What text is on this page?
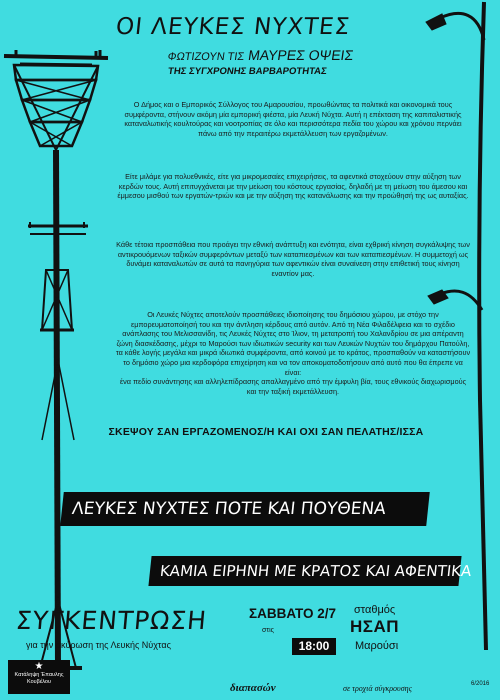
ΟΙ ΛΕΥΚΕΣ ΝΥΧΤΕΣ
ΦΩΤΙΖΟΥΝ ΤΙΣ ΜΑΥΡΕΣ ΟΨΕΙΣ
ΤΗΣ ΣΥΓΧΡΟΝΗΣ ΒΑΡΒΑΡΟΤΗΤΑΣ
Ο Δήμος και ο Εμπορικός Σύλλογος του Αμαρουσίου, προωθώντας τα πολιτικά και οικονομικά τους συμφέροντα, στήνουν ακόμη μία εμπορική φιέστα, μία Λευκή Νύχτα. Αυτή η επέκταση της καπιταλιστικής καταναλωτικής κουλτούρας και νοοτροπίας σε όλο και περισσότερα πεδία του χώρου και χρόνου περνάει πάνω από την περαιτέρω εκμετάλλευση των εργαζομένων.
Είτε μιλάμε για πολυεθνικές, είτε για μικρομεσαίες επιχειρήσεις, τα αφεντικά στοχεύουν στην αύξηση των κερδών τους. Αυτή επιτυγχάνεται με την μείωση του κόστους εργασίας, δηλαδή με τη μείωση του άμεσου και έμμεσου μισθού των εργατών-τριών και με την αύξηση της κατανάλωσης και την προώθησή της ως αυταξίας.
Κάθε τέτοια προσπάθεια που προάγει την εθνική ανάπτυξη και ενότητα, είναι εχθρική κίνηση συγκάλυψης των αντικρουόμενων ταξικών συμφερόντων μεταξύ των καταπιεσμένων και των καταπιεσμένων. Η συμμετοχή ως δυνάμει καταναλωτών σε αυτά τα πανηγύρια των αφεντικών είναι συναίνεση στην επιθετική τους κίνηση εναντίον μας.
Οι Λευκές Νύχτες αποτελούν προσπάθειες ιδιοποίησης του δημόσιου χώρου, με στόχο την εμπορευματοποίησή του και την άντληση κέρδους από αυτόν. Από τη Νέα Φιλαδέλφεια και το σχέδιο ανάπλασης του Μελισσανίδη, τις Λευκές Νύχτες στο Ίλιον, τη μετατροπή του Χαλανδρίου σε μια απέραντη ζώνη διασκέδασης, μέχρι το Μαρούσι των ιδιωτικών security και των Λευκών Νυχτών του δημάρχου Πατούλη, τα κάθε λογής μεγάλα και μικρά ιδιωτικά συμφέροντα, από κοινού με το κράτος, προσπαθούν να καταστήσουν το δημόσιο χώρο μια κερδοφόρα επιχείρηση και να τον αποκοματοδοτήσουν από αυτό που θα έπρεπε να είναι:
ένα πεδίο συνάντησης και αλληλεπίδρασης απαλλαγμένο από την έμφυλη βία, τους εθνικούς διαχωρισμούς και την ταξική εκμετάλλευση.
ΣΚΕΨΟΥ ΣΑΝ ΕΡΓΑΖΟΜΕΝΟΣ/Η ΚΑΙ ΟΧΙ ΣΑΝ ΠΕΛΑΤΗΣ/ΙΣΣΑ
ΛΕΥΚΕΣ ΝΥΧΤΕΣ ΠΟΤΕ ΚΑΙ ΠΟΥΘΕΝΑ
ΚΑΜΙΑ ΕΙΡΗΝΗ ΜΕ ΚΡΑΤΟΣ ΚΑΙ ΑΦΕΝΤΙΚΑ
ΣΥΓΚΕΝΤΡΩΣΗ
για την ακύρωση της Λευκής Νύχτας
ΣΑΒΒΑΤΟ 2/7
στις
18:00
σταθμός
ΗΣΑΠ
Μαρούσι
★
Κατάληψη Έπαυλης Κουβέλου	διαπασών	σε τροχιά σύγκρουσης	6/2016
